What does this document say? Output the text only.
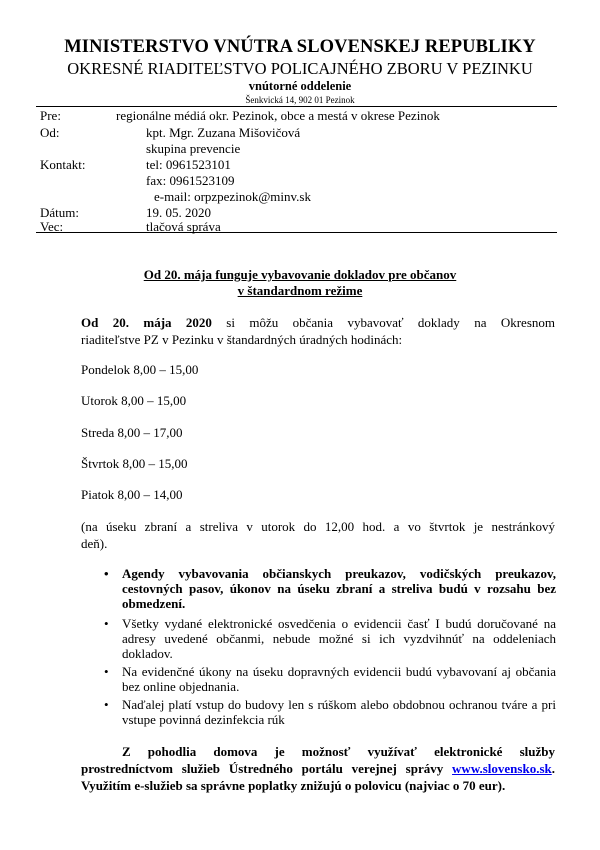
MINISTERSTVO VNÚTRA SLOVENSKEJ REPUBLIKY
OKRESNÉ RIADITEĽSTVO POLICAJNÉHO ZBORU V PEZINKU
vnútorné oddelenie
Šenkvická 14, 902 01 Pezinok
Pre:	regionálne médiá okr. Pezinok, obce a mestá v okrese Pezinok
Od:	kpt. Mgr. Zuzana Mišovičová
skupina prevencie
Kontakt:	tel: 0961523101
fax: 0961523109
e-mail: orpzpezinok@minv.sk
Dátum:	19. 05. 2020
Vec:	tlačová správa
Od 20. mája funguje vybavovanie dokladov pre občanov
v štandardnom režime
Od 20. mája 2020 si môžu občania vybavovať doklady na Okresnom
riaditeľstve PZ v Pezinku v štandardných úradných hodinách:
Pondelok 8,00 – 15,00
Utorok 8,00 – 15,00
Streda 8,00 – 17,00
Štvrtok 8,00 – 15,00
Piatok 8,00 – 14,00
(na úseku zbraní a streliva v utorok do 12,00 hod. a vo štvrtok je nestránkový
deň).
• Agendy vybavovania občianskych preukazov, vodičských preukazov, cestovných pasov, úkonov na úseku zbraní a streliva budú v rozsahu bez obmedzení.
• Všetky vydané elektronické osvedčenia o evidencii časť I budú doručované na adresy uvedené občanmi, nebude možné si ich vyzdvihnúť na oddeleniach dokladov.
• Na evidenčné úkony na úseku dopravných evidencii budú vybavovaní aj občania bez online objednania.
• Naďalej platí vstup do budovy len s rúškom alebo obdobnou ochranou tváre a pri vstupe povinná dezinfekcia rúk
Z pohodlia domova je možnosť využívať elektronické služby
prostredníctvom služieb Ústredného portálu verejnej správy www.slovensko.sk.
Využitím e-služieb sa správne poplatky znižujú o polovicu (najviac o 70 eur).
